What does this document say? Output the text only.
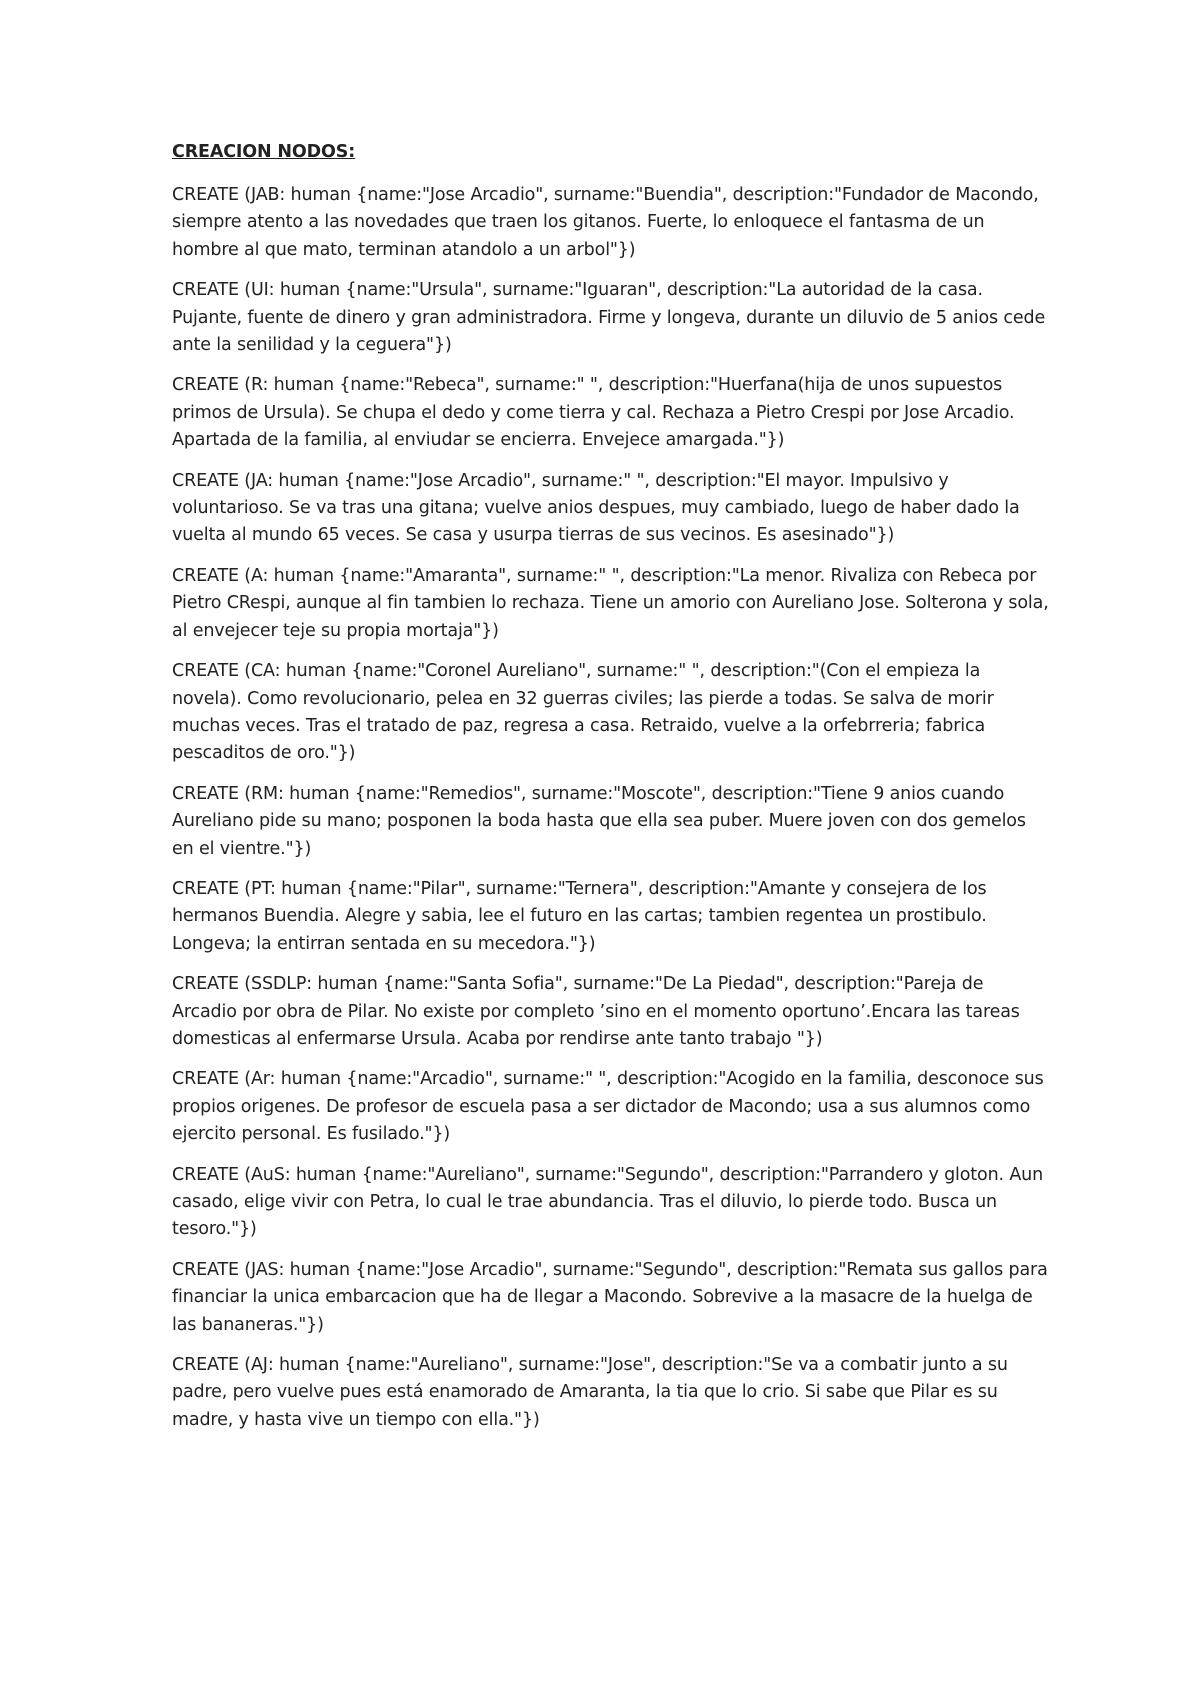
CREACION NODOS:
CREATE (JAB: human {name:"Jose Arcadio", surname:"Buendia", description:"Fundador de Macondo, siempre atento a las novedades que traen los gitanos. Fuerte, lo enloquece el fantasma de un hombre al que mato, terminan atandolo a un arbol"})
CREATE (UI: human {name:"Ursula", surname:"Iguaran", description:"La autoridad de la casa. Pujante, fuente de dinero y gran administradora. Firme y longeva, durante un diluvio de 5 anios cede ante la senilidad y la ceguera"})
CREATE (R: human {name:"Rebeca", surname:" ", description:"Huerfana(hija de unos supuestos primos de Ursula). Se chupa el dedo y come tierra y cal. Rechaza a Pietro Crespi por Jose Arcadio. Apartada de la familia, al enviudar se encierra. Envejece amargada."})
CREATE (JA: human {name:"Jose Arcadio", surname:" ", description:"El mayor. Impulsivo y voluntarioso. Se va tras una gitana; vuelve anios despues, muy cambiado, luego de haber dado la vuelta al mundo 65 veces. Se casa y usurpa tierras de sus vecinos. Es asesinado"})
CREATE (A: human {name:"Amaranta", surname:" ", description:"La menor. Rivaliza con Rebeca por Pietro CRespi, aunque al fin tambien lo rechaza. Tiene un amorio con Aureliano Jose. Solterona y sola, al envejecer teje su propia mortaja"})
CREATE (CA: human {name:"Coronel Aureliano", surname:" ", description:"(Con el empieza la novela). Como revolucionario, pelea en 32 guerras civiles; las pierde a todas. Se salva de morir muchas veces. Tras el tratado de paz, regresa a casa. Retraido, vuelve a la orfebrreria; fabrica pescaditos de oro."})
CREATE (RM: human {name:"Remedios", surname:"Moscote", description:"Tiene 9 anios cuando Aureliano pide su mano; posponen la boda hasta que ella sea puber. Muere joven con dos gemelos en el vientre."})
CREATE (PT: human {name:"Pilar", surname:"Ternera", description:"Amante y consejera de los hermanos Buendia. Alegre y sabia, lee el futuro en las cartas; tambien regentea un prostibulo. Longeva; la entirran sentada en su mecedora."})
CREATE (SSDLP: human {name:"Santa Sofia", surname:"De La Piedad", description:"Pareja de Arcadio por obra de Pilar. No existe por completo ’sino en el momento oportuno’.Encara las tareas domesticas al enfermarse Ursula. Acaba por rendirse ante tanto trabajo "})
CREATE (Ar: human {name:"Arcadio", surname:" ", description:"Acogido en la familia, desconoce sus propios origenes. De profesor de escuela pasa a ser dictador de Macondo; usa a sus alumnos como ejercito personal. Es fusilado."})
CREATE (AuS: human {name:"Aureliano", surname:"Segundo", description:"Parrandero y gloton. Aun casado, elige vivir con Petra, lo cual le trae abundancia. Tras el diluvio, lo pierde todo. Busca un tesoro."})
CREATE (JAS: human {name:"Jose Arcadio", surname:"Segundo", description:"Remata sus gallos para financiar la unica embarcacion que ha de llegar a Macondo. Sobrevive a la masacre de la huelga de las bananeras."})
CREATE (AJ: human {name:"Aureliano", surname:"Jose", description:"Se va a combatir junto a su padre, pero vuelve pues está enamorado de Amaranta, la tia que lo crio. Si sabe que Pilar es su madre, y hasta vive un tiempo con ella."})
